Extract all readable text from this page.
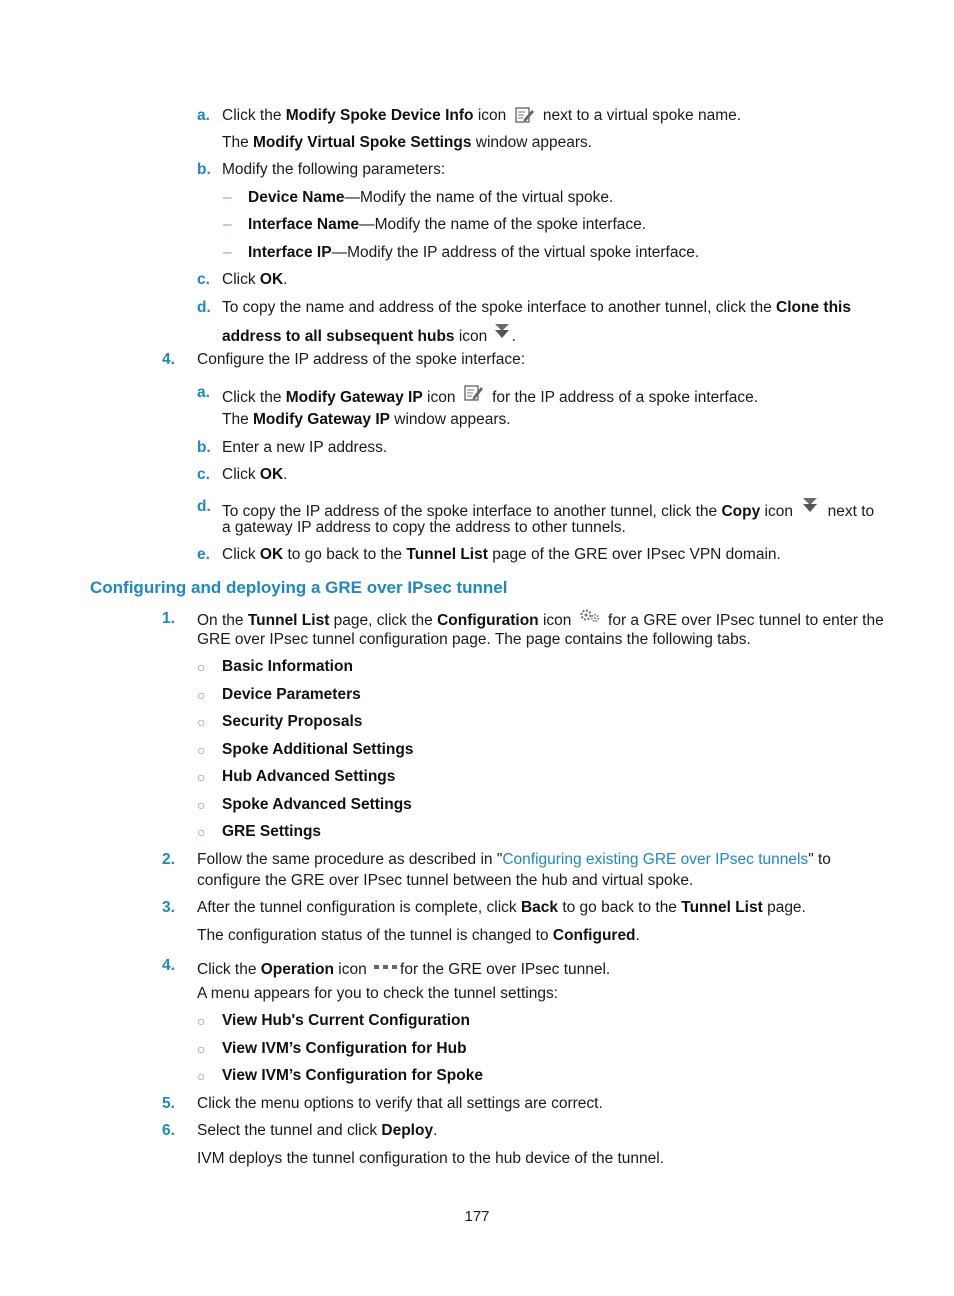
a. Click the Modify Spoke Device Info icon  next to a virtual spoke name.
The Modify Virtual Spoke Settings window appears.
b. Modify the following parameters:
– Device Name—Modify the name of the virtual spoke.
– Interface Name—Modify the name of the spoke interface.
– Interface IP—Modify the IP address of the virtual spoke interface.
c. Click OK.
d. To copy the name and address of the spoke interface to another tunnel, click the Clone this
address to all subsequent hubs icon .
4. Configure the IP address of the spoke interface:
a. Click the Modify Gateway IP icon  for the IP address of a spoke interface.
The Modify Gateway IP window appears.
b. Enter a new IP address.
c. Click OK.
d. To copy the IP address of the spoke interface to another tunnel, click the Copy icon  next to
a gateway IP address to copy the address to other tunnels.
e. Click OK to go back to the Tunnel List page of the GRE over IPsec VPN domain.
Configuring and deploying a GRE over IPsec tunnel
1. On the Tunnel List page, click the Configuration icon  for a GRE over IPsec tunnel to enter the
GRE over IPsec tunnel configuration page. The page contains the following tabs.
○ Basic Information
○ Device Parameters
○ Security Proposals
○ Spoke Additional Settings
○ Hub Advanced Settings
○ Spoke Advanced Settings
○ GRE Settings
2. Follow the same procedure as described in "Configuring existing GRE over IPsec tunnels" to
configure the GRE over IPsec tunnel between the hub and virtual spoke.
3. After the tunnel configuration is complete, click Back to go back to the Tunnel List page.
The configuration status of the tunnel is changed to Configured.
4. Click the Operation icon for the GRE over IPsec tunnel.
A menu appears for you to check the tunnel settings:
○ View Hub's Current Configuration
○ View IVM’s Configuration for Hub
○ View IVM’s Configuration for Spoke
5. Click the menu options to verify that all settings are correct.
6. Select the tunnel and click Deploy.
IVM deploys the tunnel configuration to the hub device of the tunnel.
177
